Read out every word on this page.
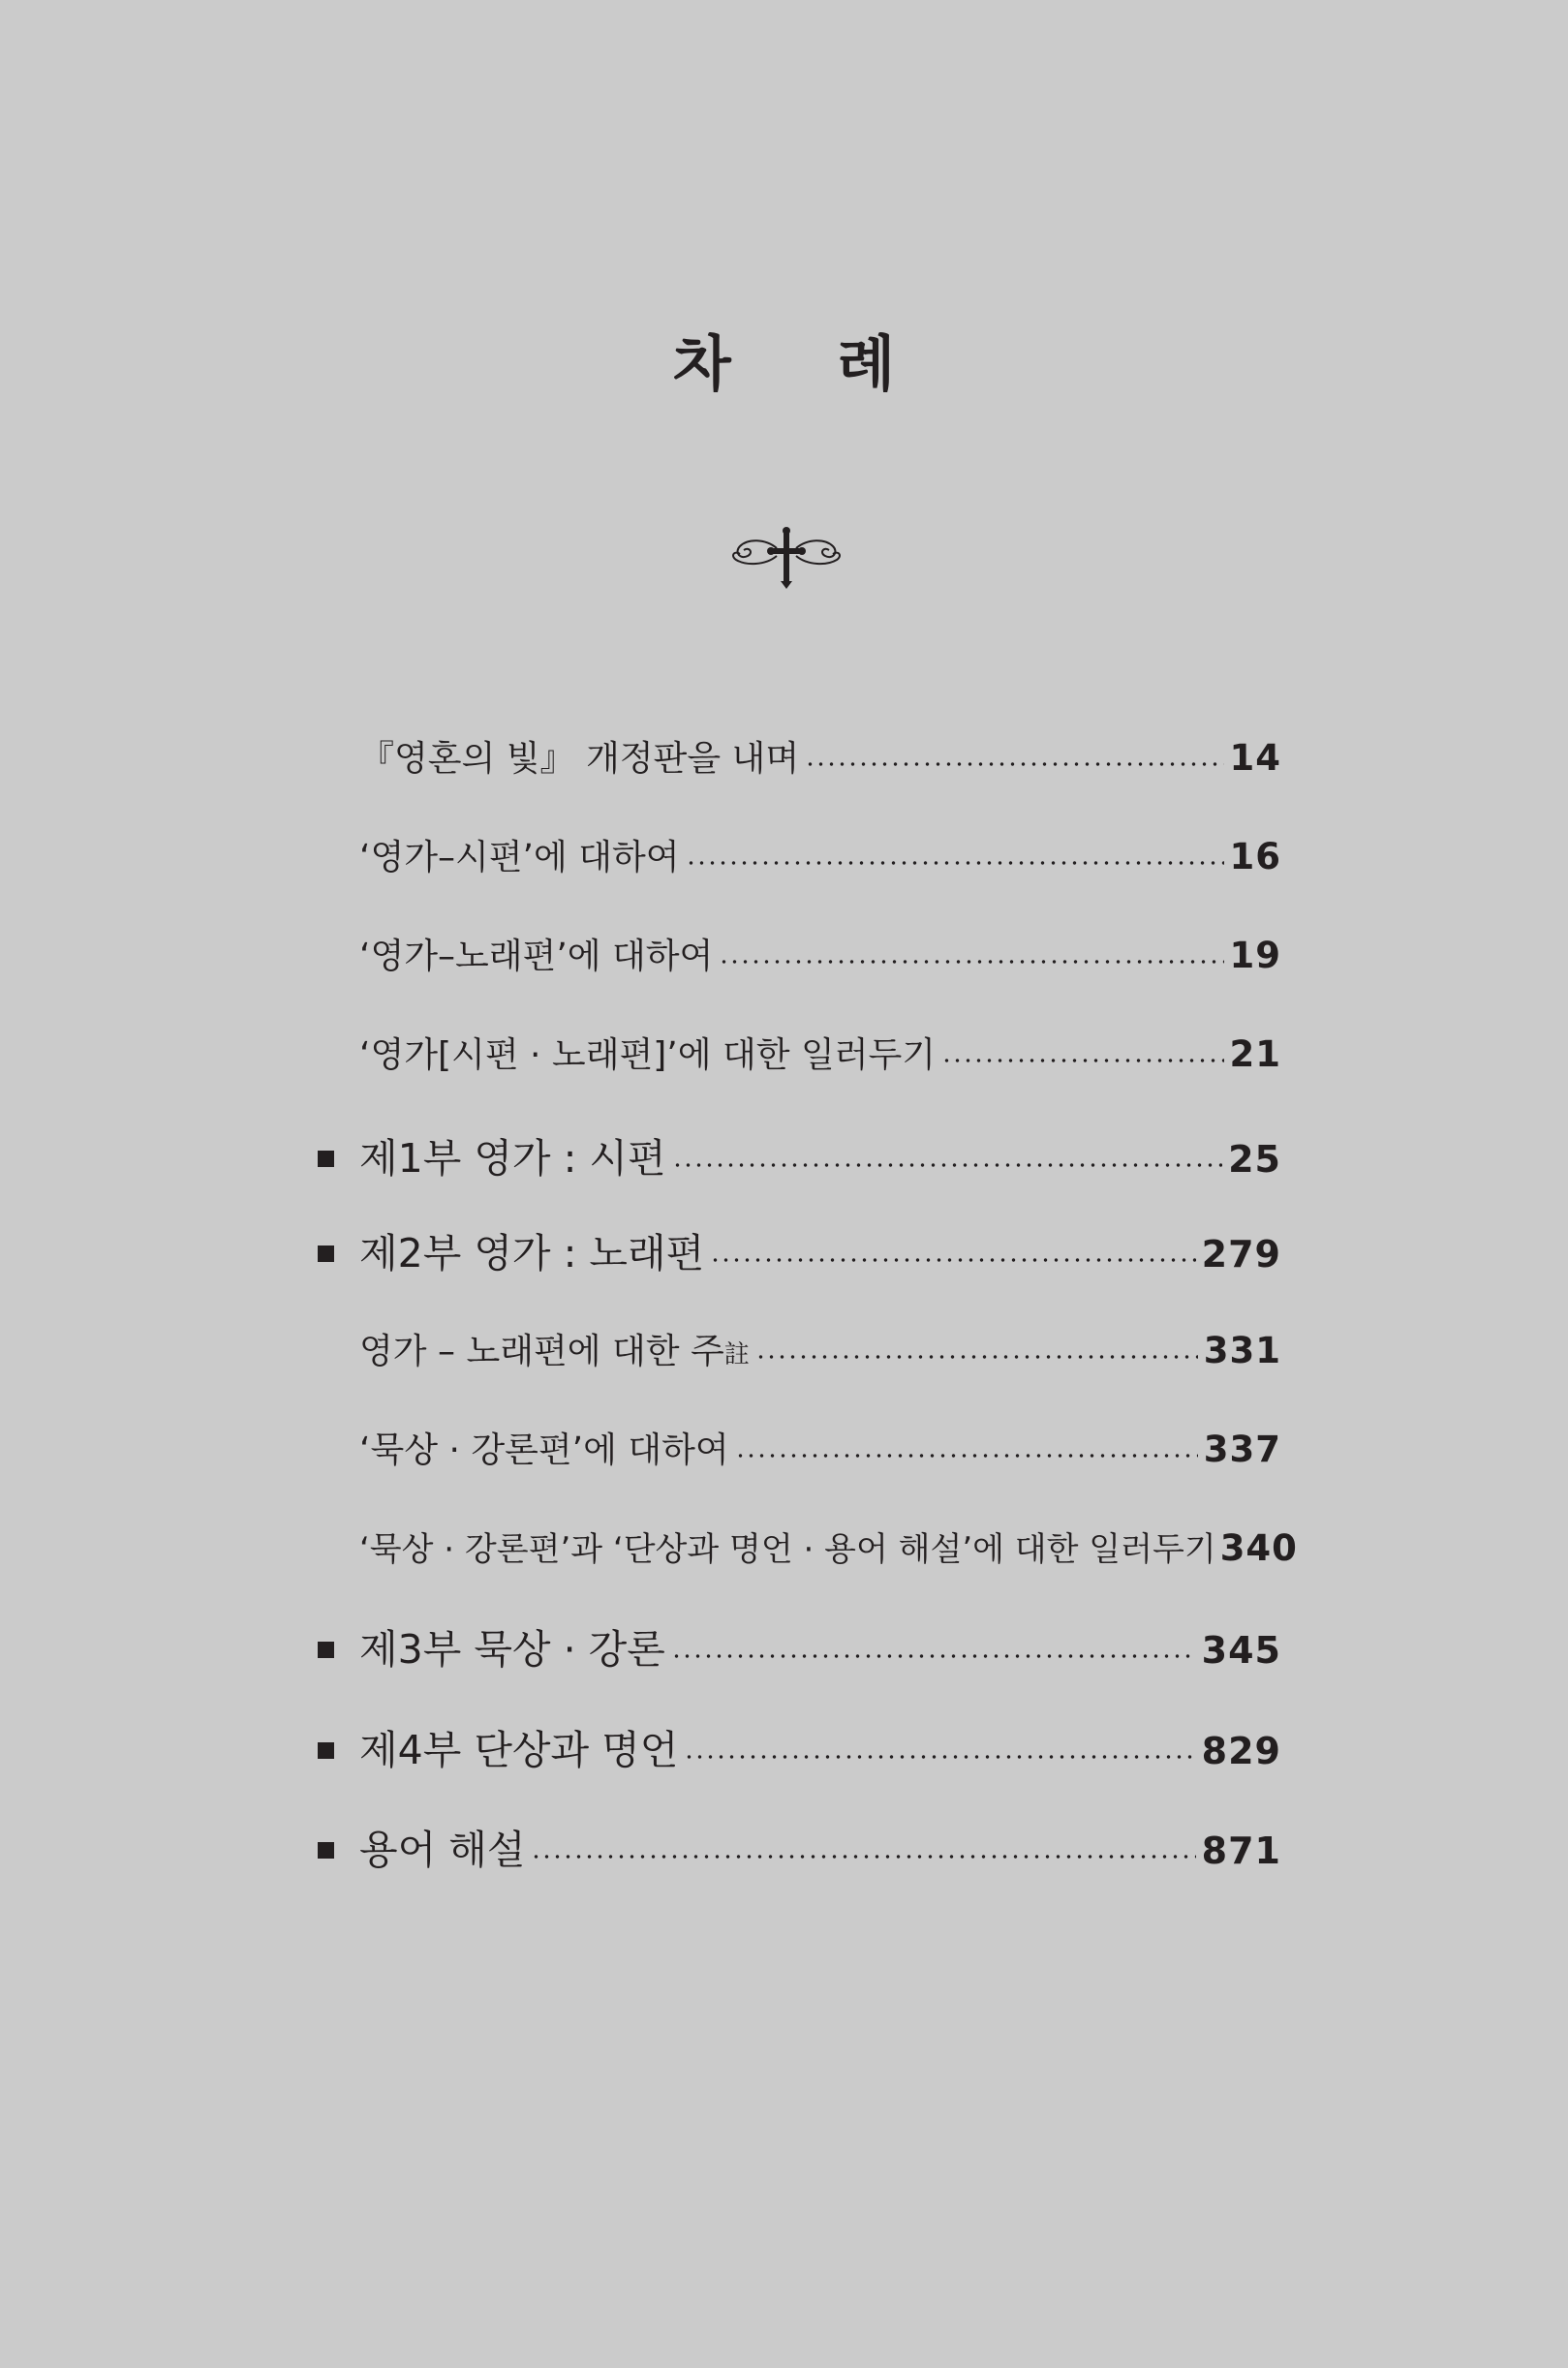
차 례
『영혼의 빛』 개정판을 내며	14
‘영가–시편’에 대하여	16
‘영가–노래편’에 대하여	19
‘영가[시편 · 노래편]’에 대한 일러두기	21
제1부 영가 : 시편	25
제2부 영가 : 노래편	279
영가 – 노래편에 대한 주註	331
‘묵상 · 강론편’에 대하여	337
‘묵상 · 강론편’과 ‘단상과 명언 · 용어 해설’에 대한 일러두기 340
제3부 묵상 · 강론	345
제4부 단상과 명언	829
용어 해설	871
